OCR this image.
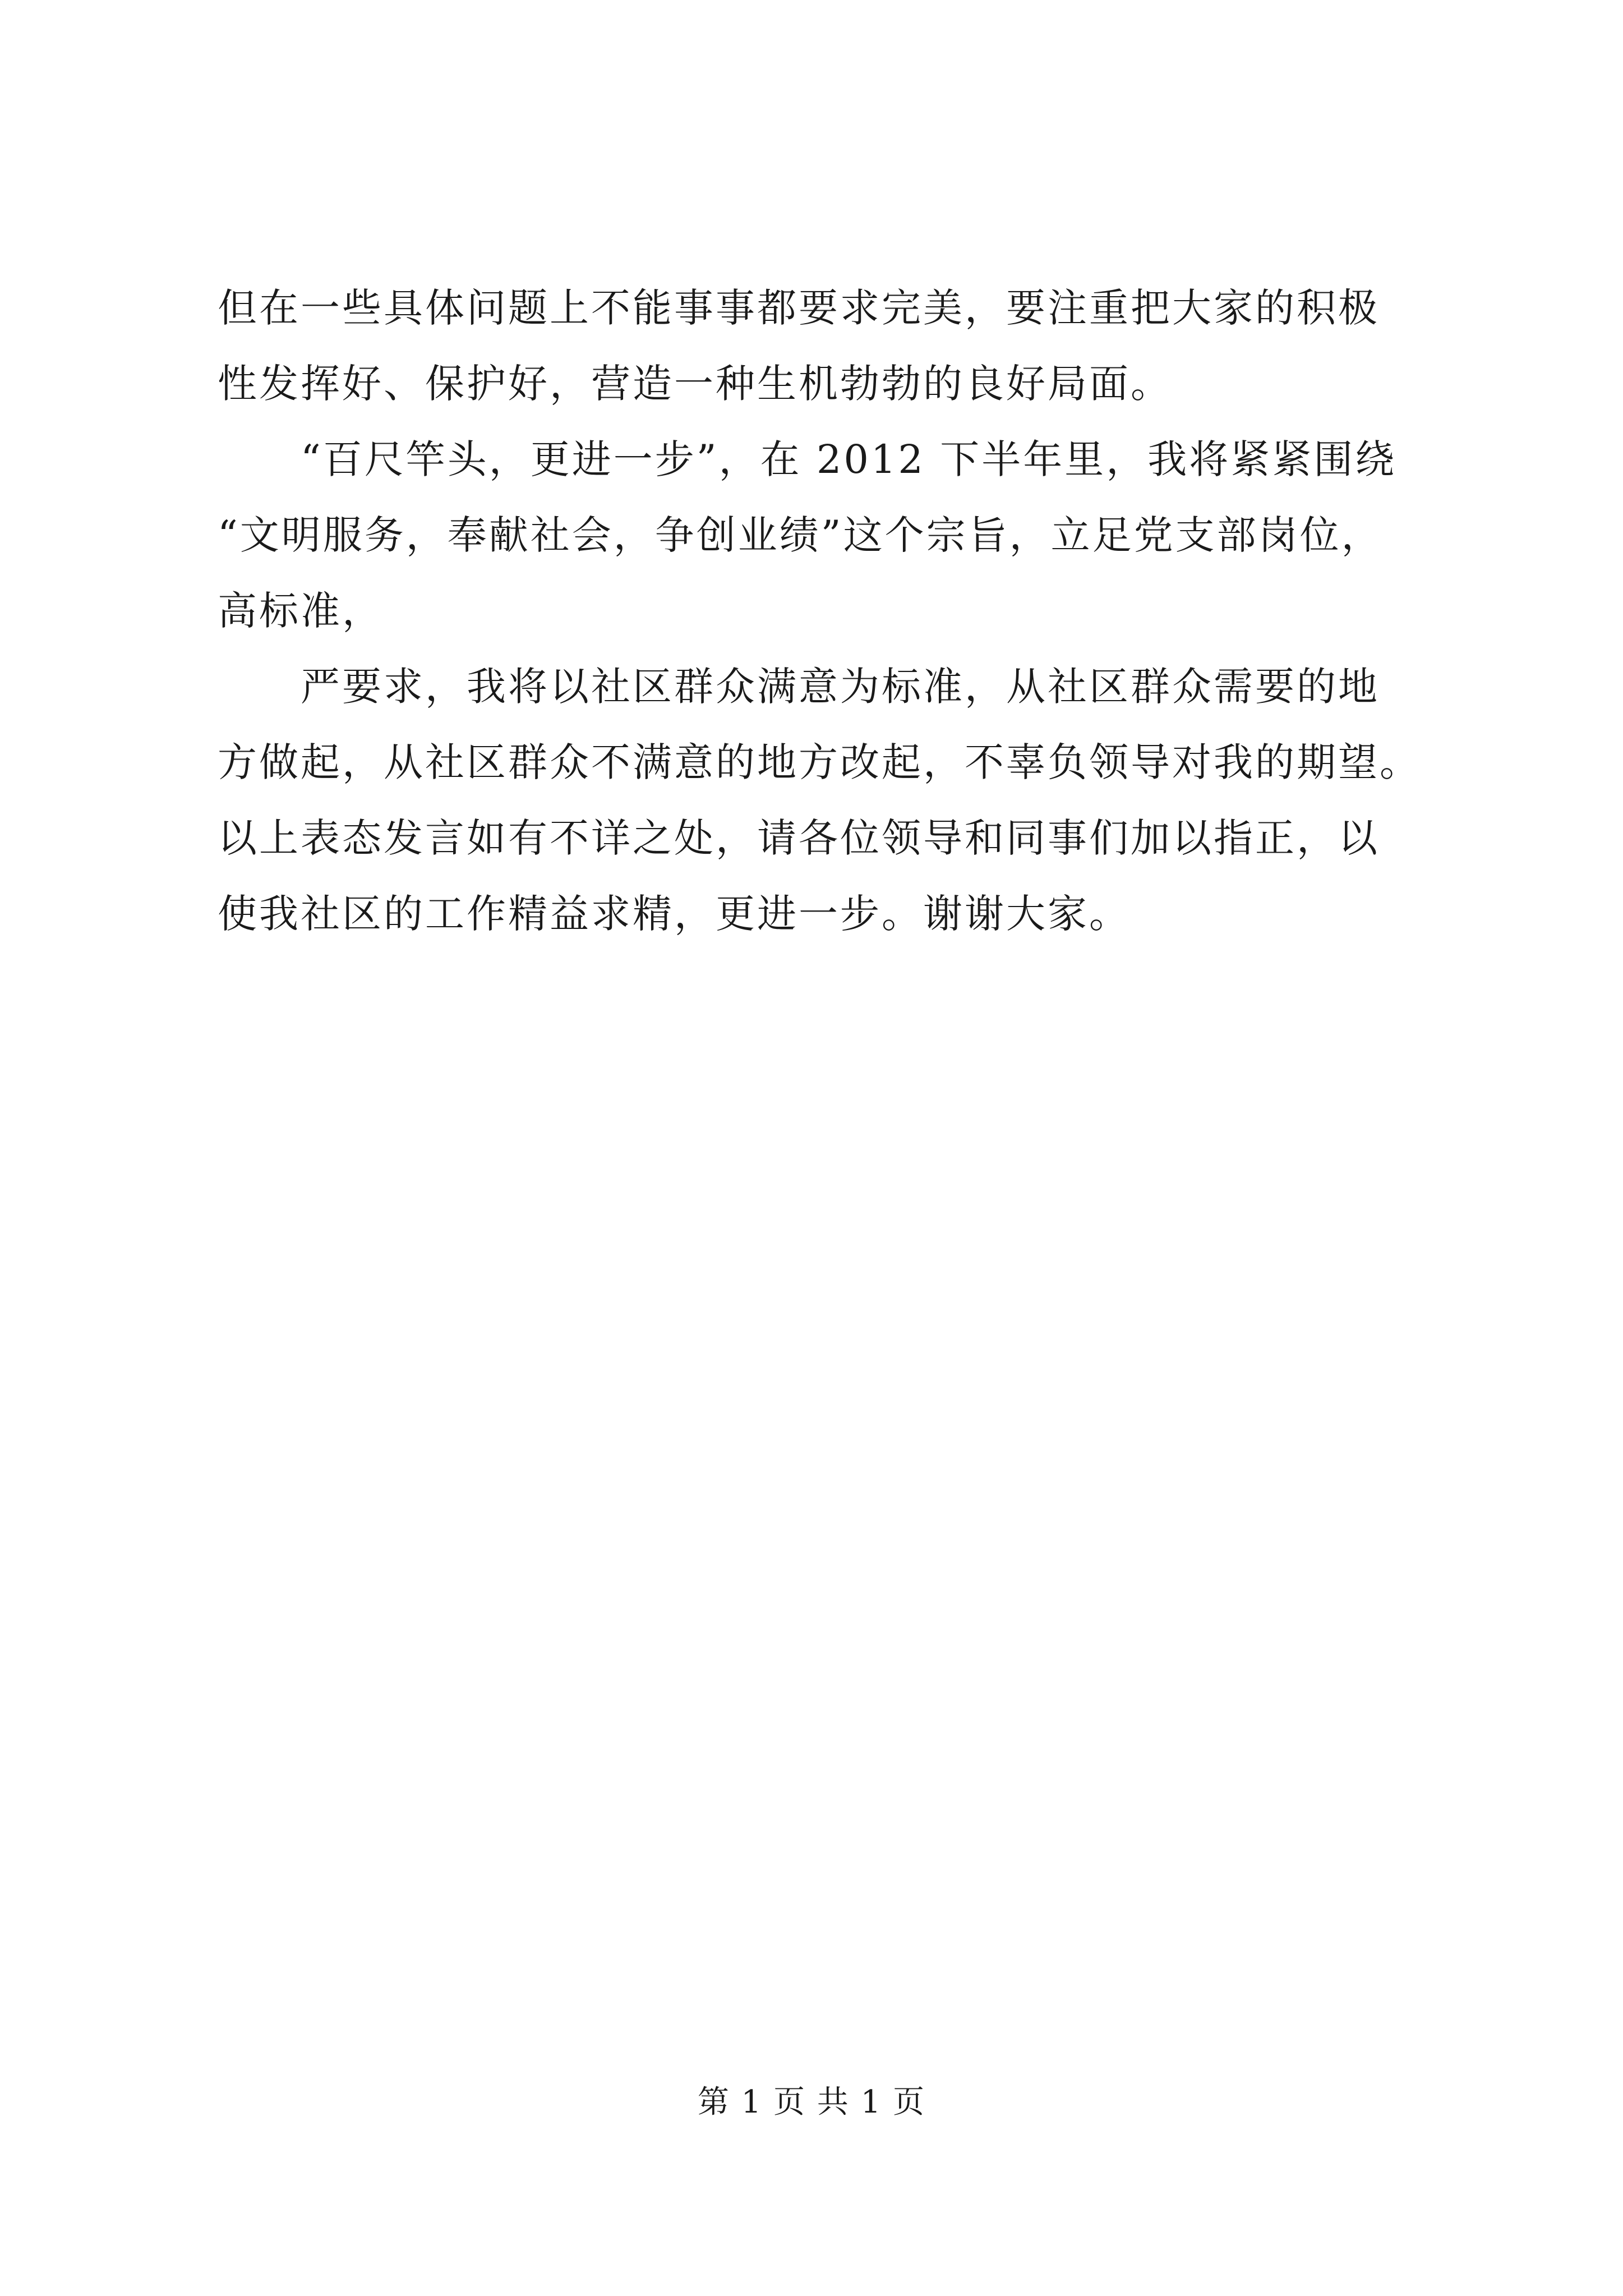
但在一些具体问题上不能事事都要求完美，要注重把大家的积极
性发挥好、保护好，营造一种生机勃勃的良好局面。
　　“百尺竿头，更进一步”，在 2012 下半年里，我将紧紧围绕
“文明服务，奉献社会，争创业绩”这个宗旨，立足党支部岗位，
高标准，
　　严要求，我将以社区群众满意为标准，从社区群众需要的地
方做起，从社区群众不满意的地方改起，不辜负领导对我的期望。
以上表态发言如有不详之处，请各位领导和同事们加以指正，以
使我社区的工作精益求精，更进一步。谢谢大家。
第 1 页 共 1 页
